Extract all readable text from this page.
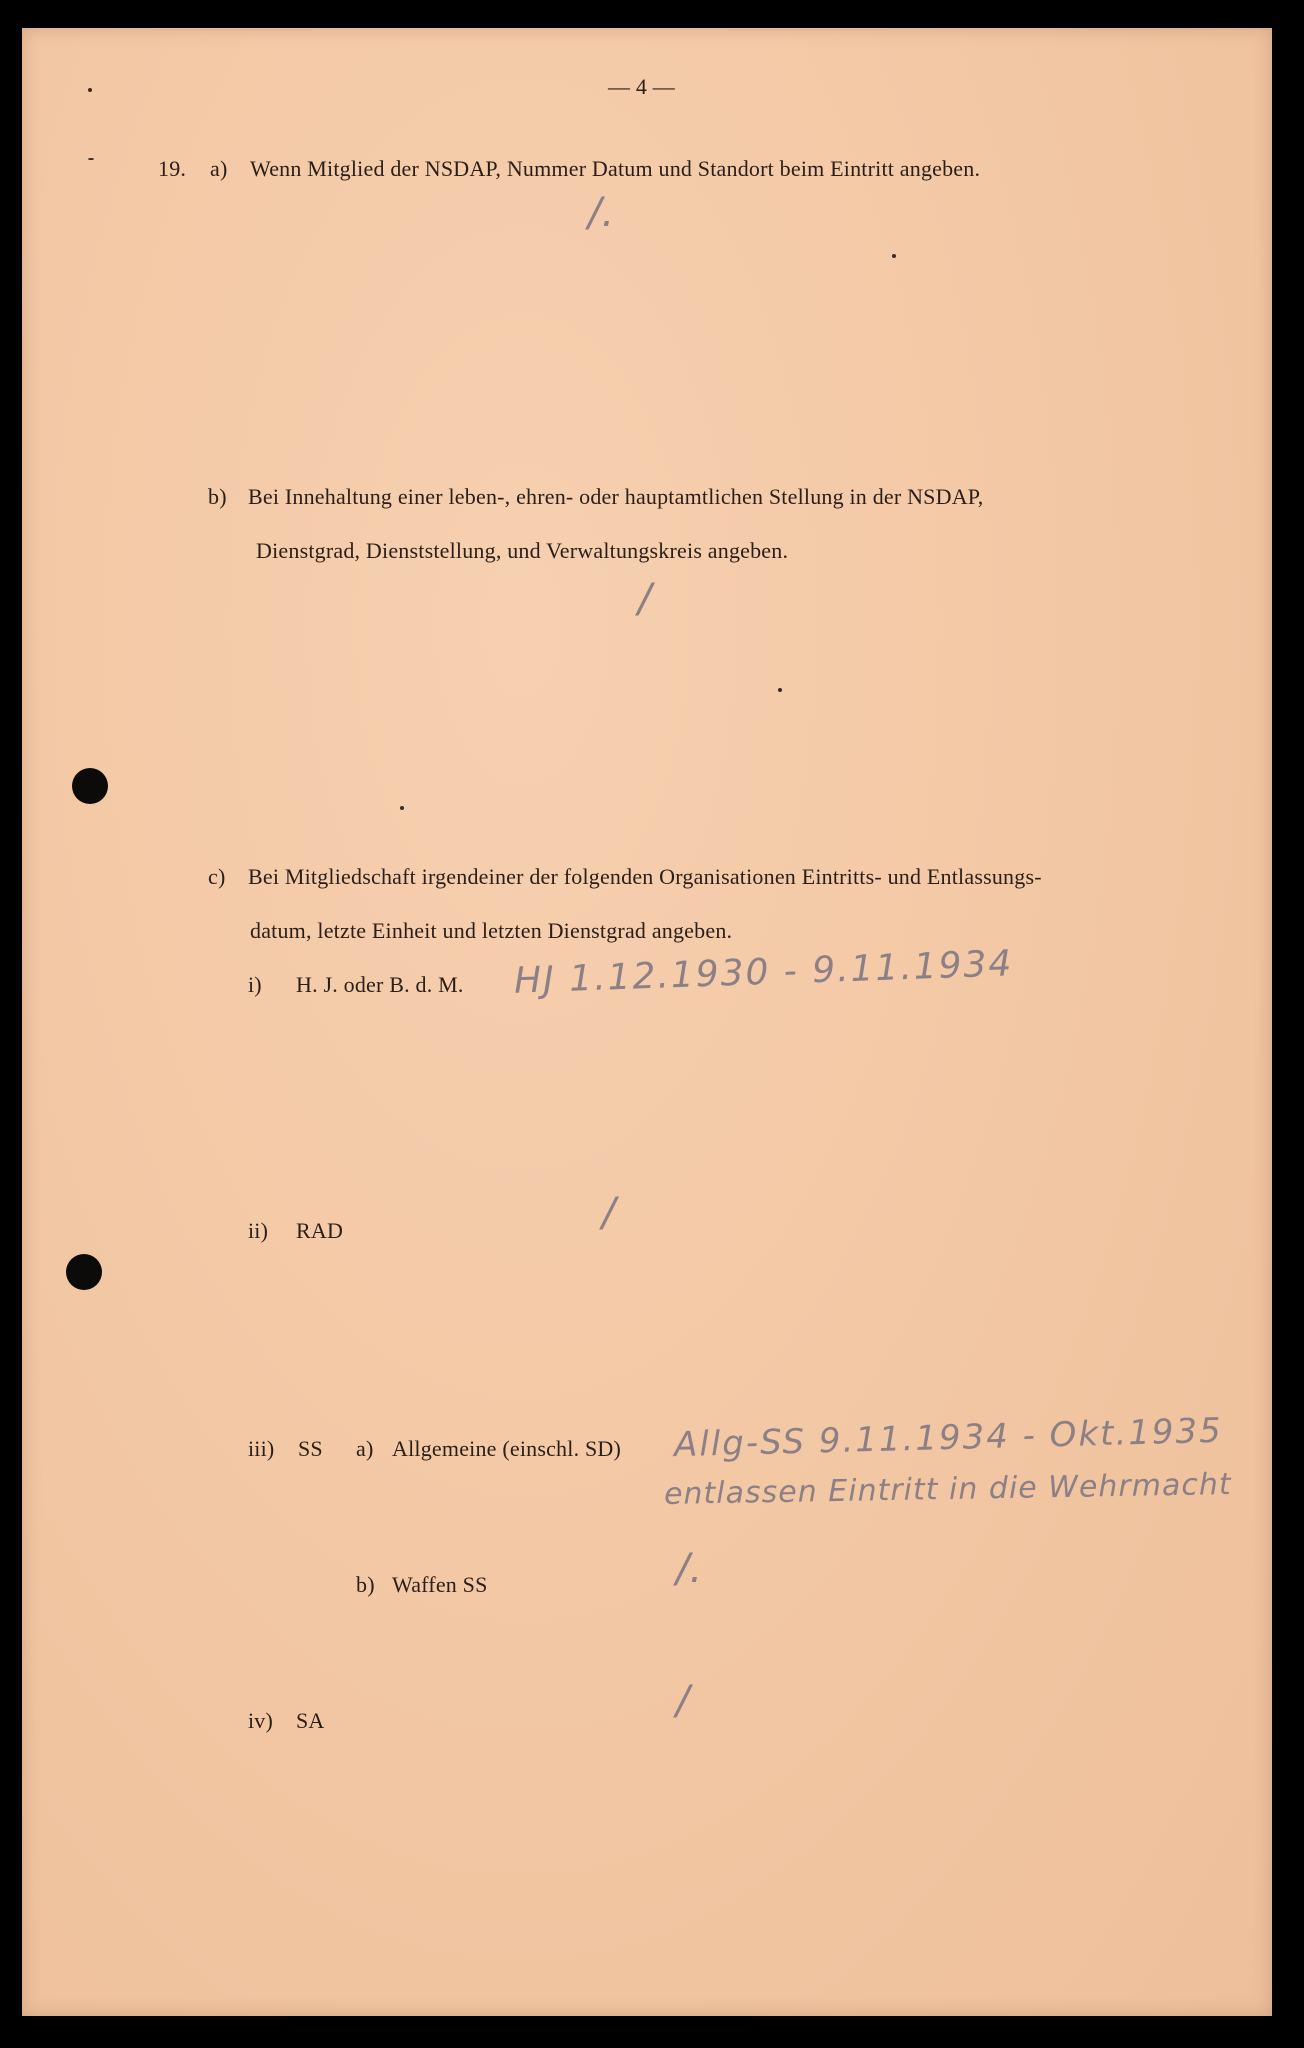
— 4 —
19. a) Wenn Mitglied der NSDAP, Nummer Datum und Standort beim Eintritt angeben.
/.
b) Bei Innehaltung einer leben-, ehren- oder hauptamtlichen Stellung in der NSDAP,
Dienstgrad, Dienststellung, und Verwaltungskreis angeben.
/
c) Bei Mitgliedschaft irgendeiner der folgenden Organisationen Eintritts- und Entlassungs-
datum, letzte Einheit und letzten Dienstgrad angeben.
i) H. J. oder B. d. M. HJ 1.12.1930 - 9.11.1934
ii) RAD	/
iii) SS a) Allgemeine (einschl. SD) Allg-SS 9.11.1934 - Okt.1935
entlassen Eintritt in die Wehrmacht
b) Waffen SS	/.
iv) SA	/
